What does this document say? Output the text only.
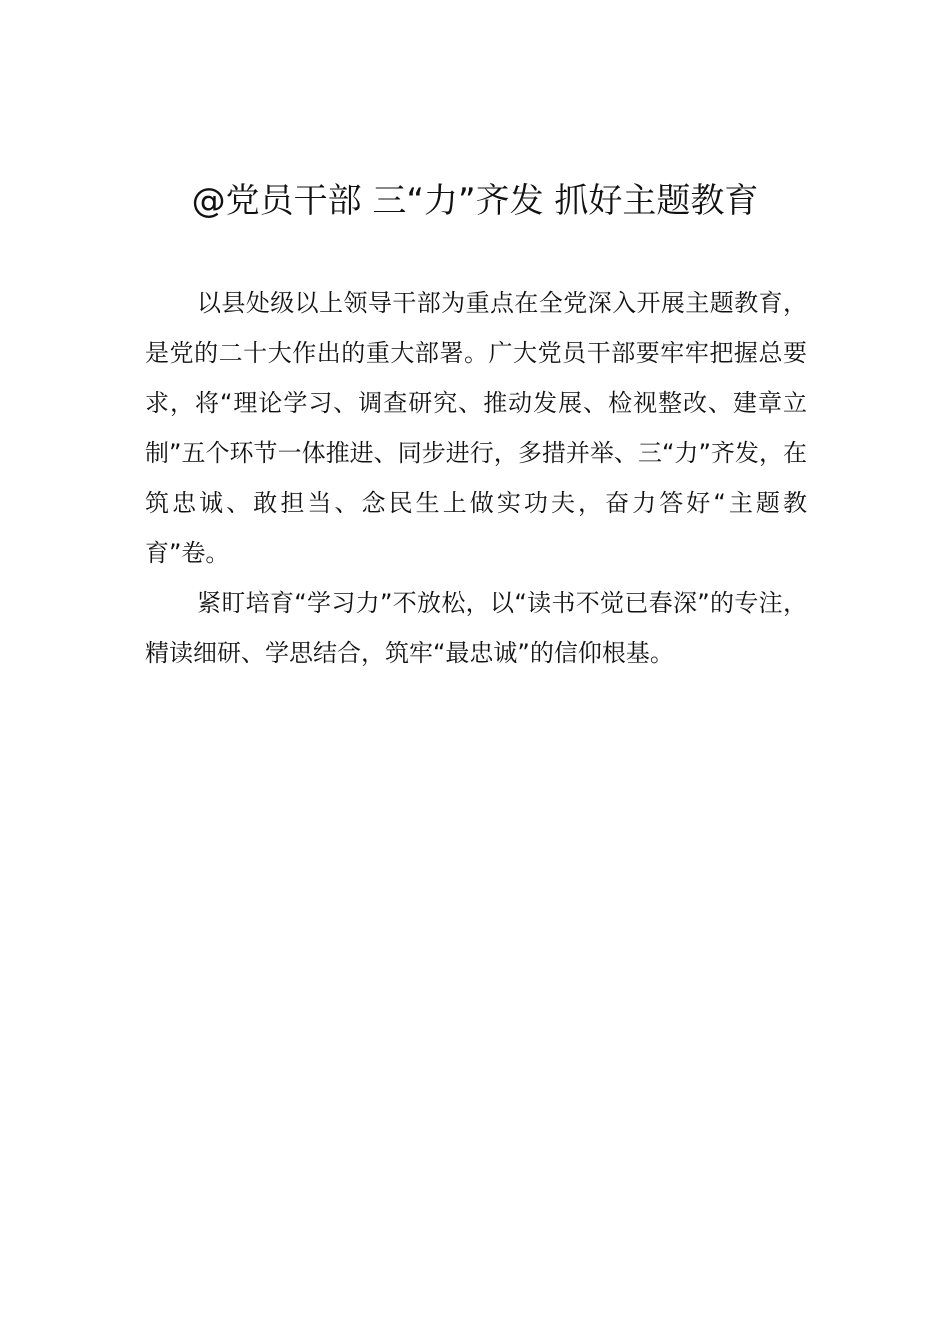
@党员干部 三“力”齐发 抓好主题教育

以县处级以上领导干部为重点在全党深入开展主题教育，是党的二十大作出的重大部署。广大党员干部要牢牢把握总要求，将“理论学习、调查研究、推动发展、检视整改、建章立制”五个环节一体推进、同步进行，多措并举、三“力”齐发，在筑忠诚、敢担当、念民生上做实功夫，奋力答好“主题教育”卷。

紧盯培育“学习力”不放松，以“读书不觉已春深”的专注，精读细研、学思结合，筑牢“最忠诚”的信仰根基。
